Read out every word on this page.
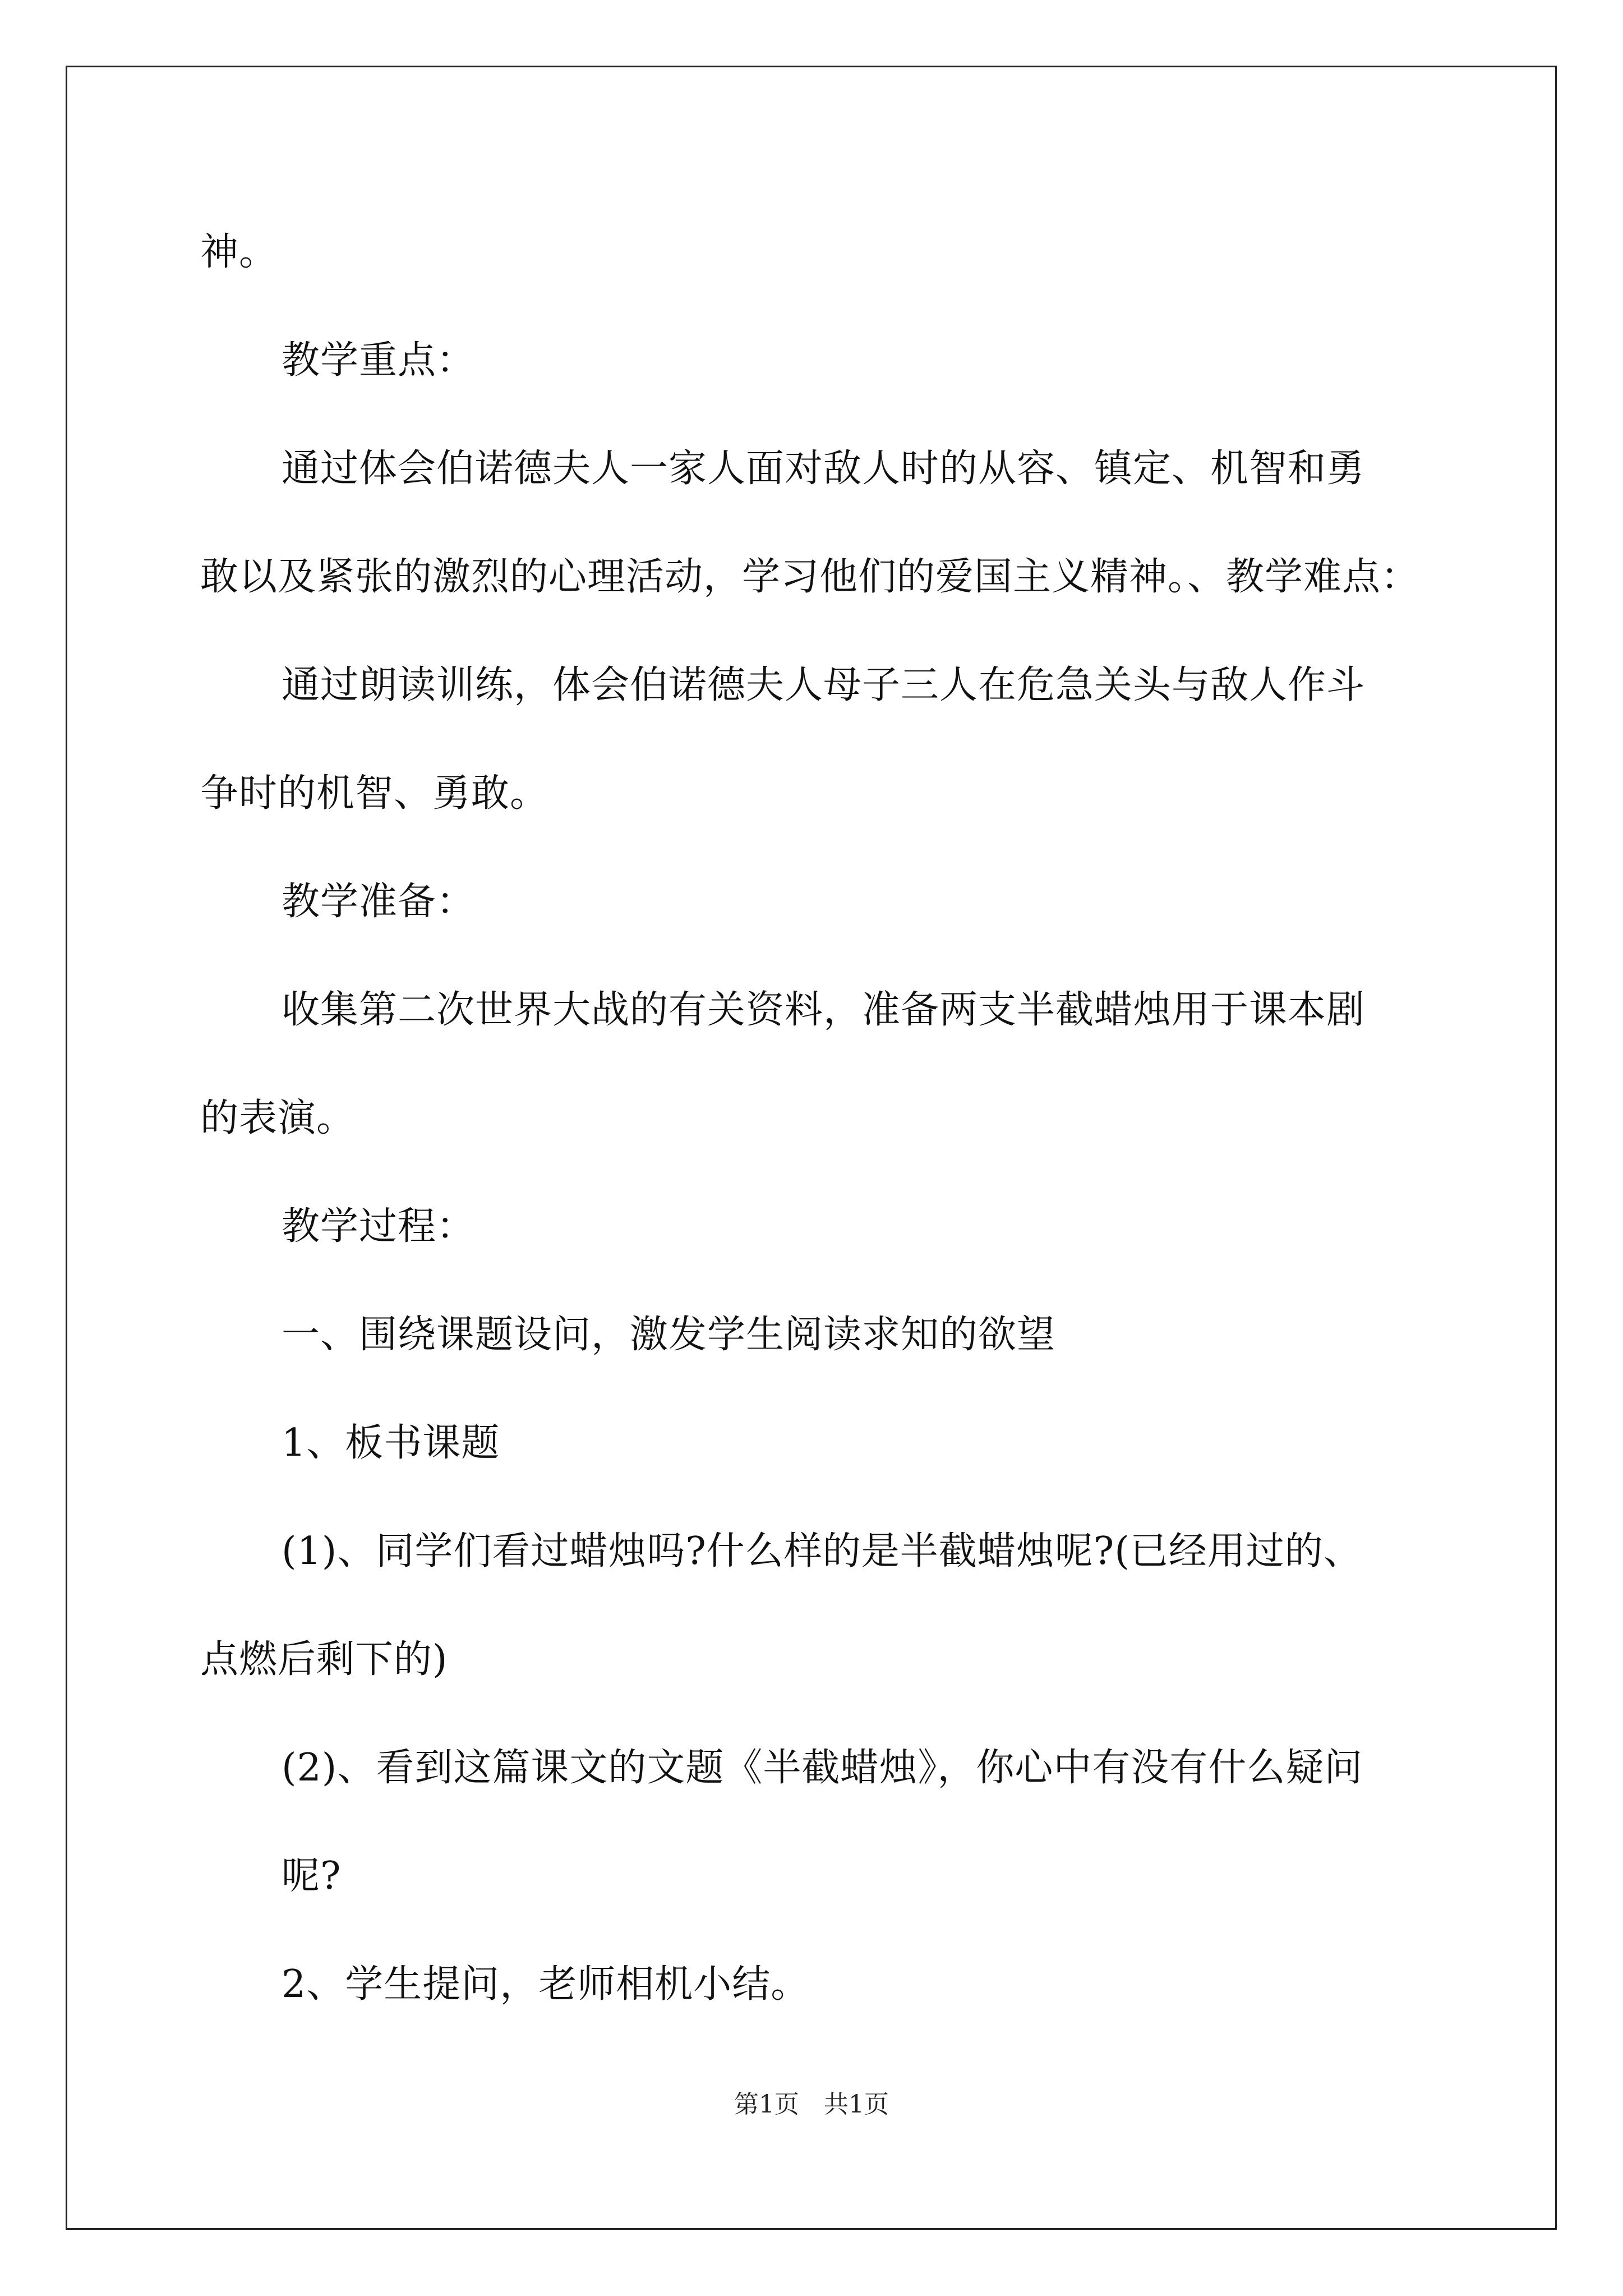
神。
教学重点：
通过体会伯诺德夫人一家人面对敌人时的从容、镇定、机智和勇
敢以及紧张的激烈的心理活动，学习他们的爱国主义精神。、教学难点：
通过朗读训练，体会伯诺德夫人母子三人在危急关头与敌人作斗
争时的机智、勇敢。
教学准备：
收集第二次世界大战的有关资料，准备两支半截蜡烛用于课本剧
的表演。
教学过程：
一、围绕课题设问，激发学生阅读求知的欲望
1、板书课题
(1)、同学们看过蜡烛吗?什么样的是半截蜡烛呢?(已经用过的、
点燃后剩下的)
(2)、看到这篇课文的文题《半截蜡烛》，你心中有没有什么疑问
呢?
2、学生提问，老师相机小结。
第1页　共1页
